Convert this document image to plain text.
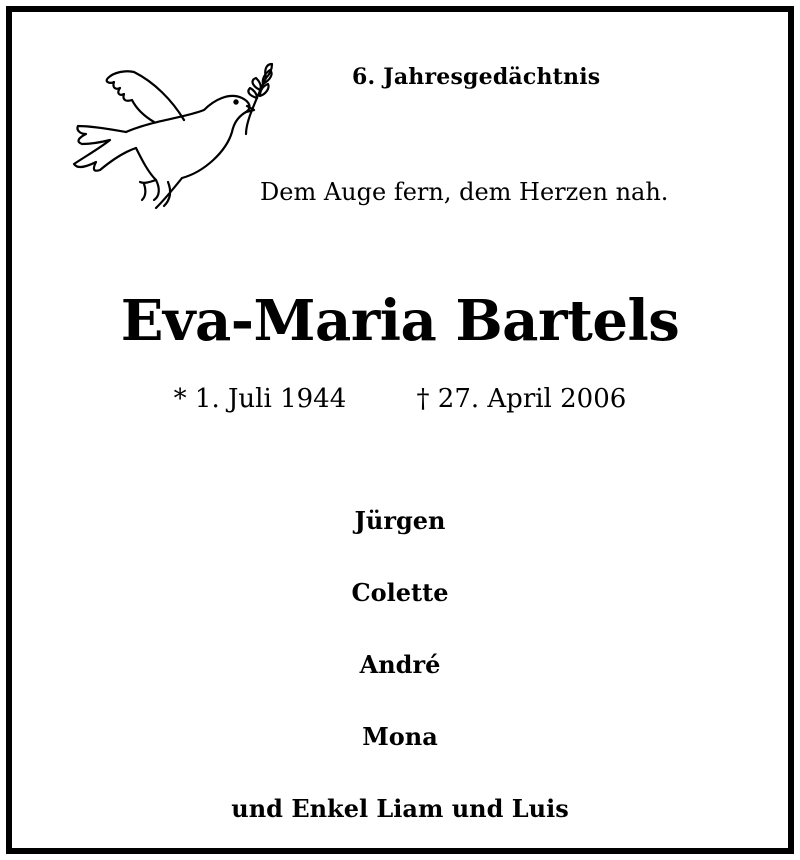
6. Jahresgedächtnis
Dem Auge fern, dem Herzen nah.
Eva-Maria Bartels
* 1. Juli 1944	† 27. April 2006
Jürgen
Colette
André
Mona
und Enkel Liam und Luis
